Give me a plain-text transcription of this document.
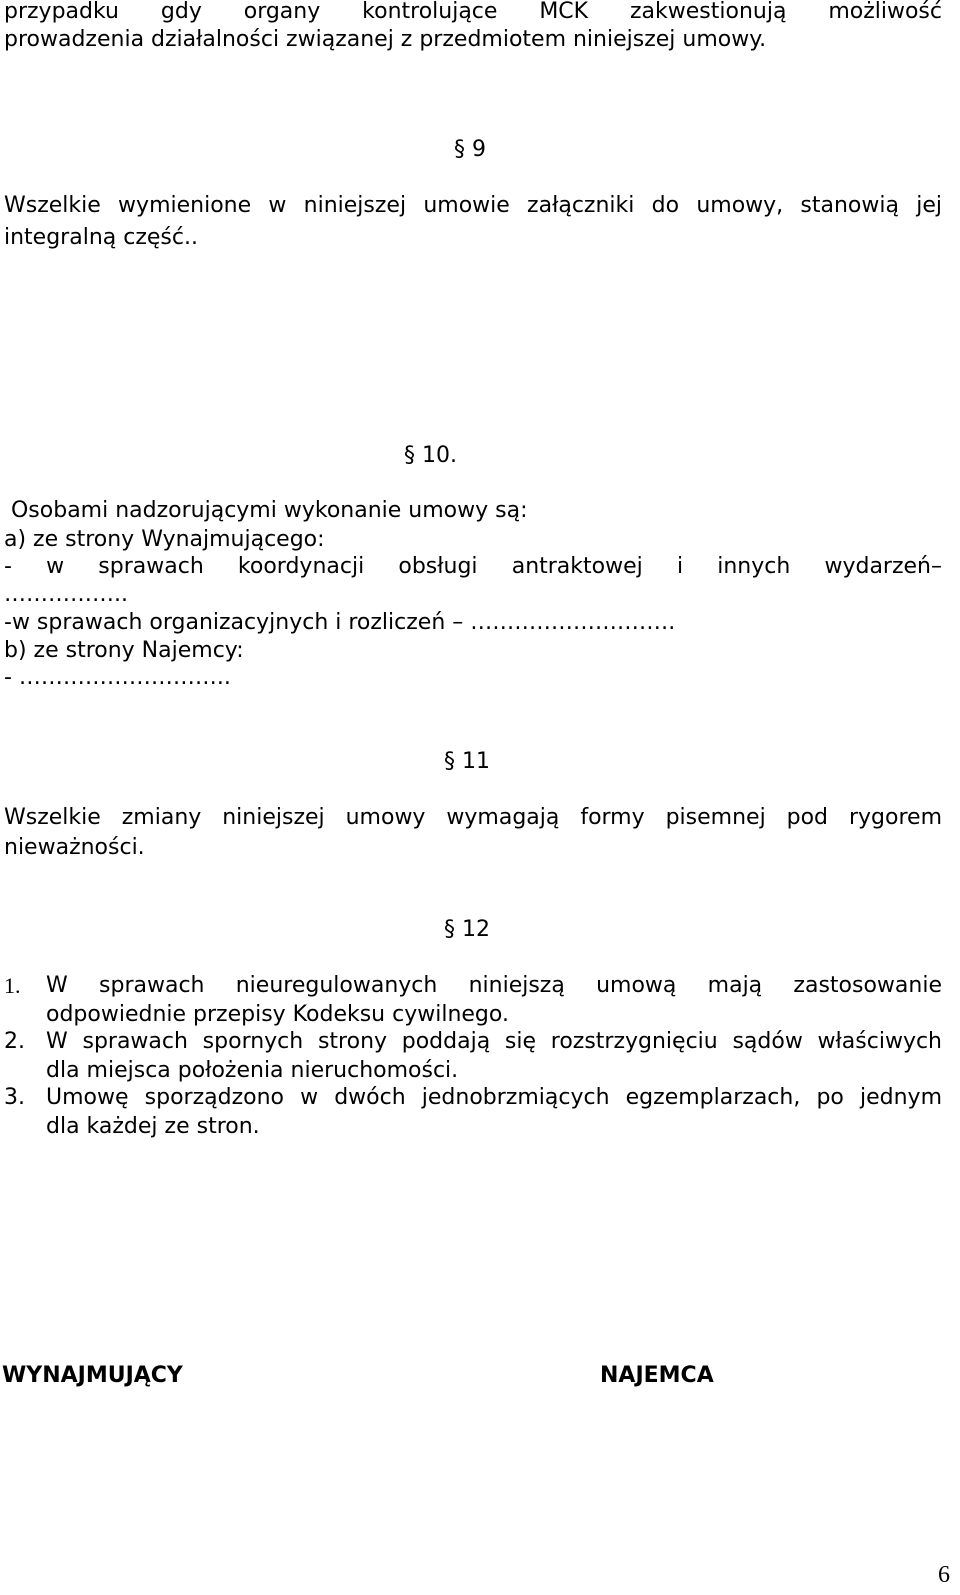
przypadku gdy organy kontrolujące MCK zakwestionują możliwość
prowadzenia działalności związanej z przedmiotem niniejszej umowy.
§ 9
Wszelkie wymienione w niniejszej umowie załączniki do umowy, stanowią jej
integralną część..
§ 10.
Osobami nadzorującymi wykonanie umowy są:
a) ze strony Wynajmującego:
- w sprawach koordynacji obsługi antraktowej i innych wydarzeń–
……………..
-w sprawach organizacyjnych i rozliczeń – ……………………….
b) ze strony Najemcy:
- ………………………..
§ 11
Wszelkie zmiany niniejszej umowy wymagają formy pisemnej pod rygorem
nieważności.
§ 12
1. W sprawach nieuregulowanych niniejszą umową mają zastosowanie
odpowiednie przepisy Kodeksu cywilnego.
2. W sprawach spornych strony poddają się rozstrzygnięciu sądów właściwych
dla miejsca położenia nieruchomości.
3. Umowę sporządzono w dwóch jednobrzmiących egzemplarzach, po jednym
dla każdej ze stron.
WYNAJMUJĄCY	NAJEMCA
6
